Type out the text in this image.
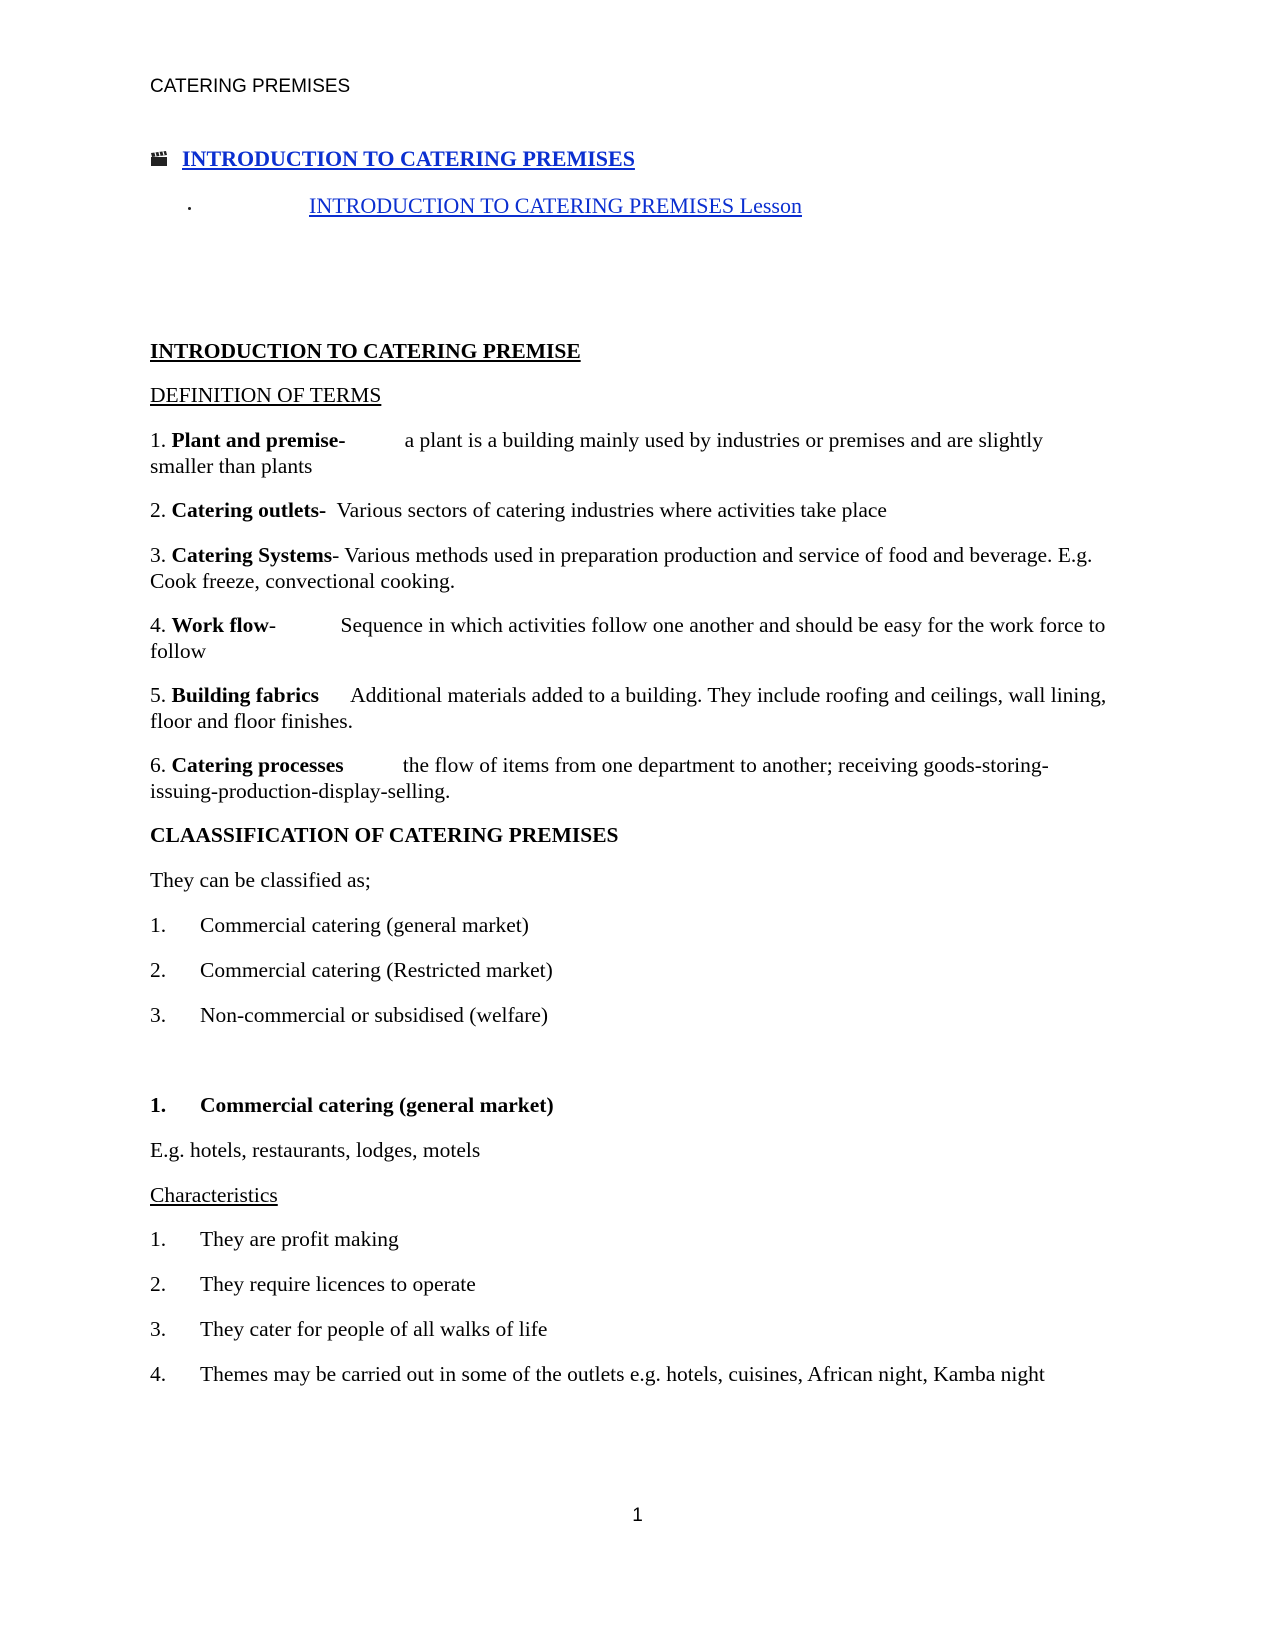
CATERING PREMISES
INTRODUCTION TO CATERING PREMISES
INTRODUCTION TO CATERING PREMISES Lesson
INTRODUCTION TO CATERING PREMISE
DEFINITION OF TERMS
1. Plant and premise-	a plant is a building mainly used by industries or premises and are slightly smaller than plants
2. Catering outlets- Various sectors of catering industries where activities take place
3. Catering Systems- Various methods used in preparation production and service of food and beverage. E.g. Cook freeze, convectional cooking.
4. Work flow-            Sequence in which activities follow one another and should be easy for the work force to follow
5. Building fabrics Additional materials added to a building. They include roofing and ceilings, wall lining, floor and floor finishes.
6. Catering processes	the flow of items from one department to another; receiving goods-storing-issuing-production-display-selling.
CLAASSIFICATION OF CATERING PREMISES
They can be classified as;
1. Commercial catering (general market)
2. Commercial catering (Restricted market)
3. Non-commercial or subsidised (welfare)
1. Commercial catering (general market)
E.g. hotels, restaurants, lodges, motels
Characteristics
1. They are profit making
2. They require licences to operate
3. They cater for people of all walks of life
4. Themes may be carried out in some of the outlets e.g. hotels, cuisines, African night, Kamba night
1
